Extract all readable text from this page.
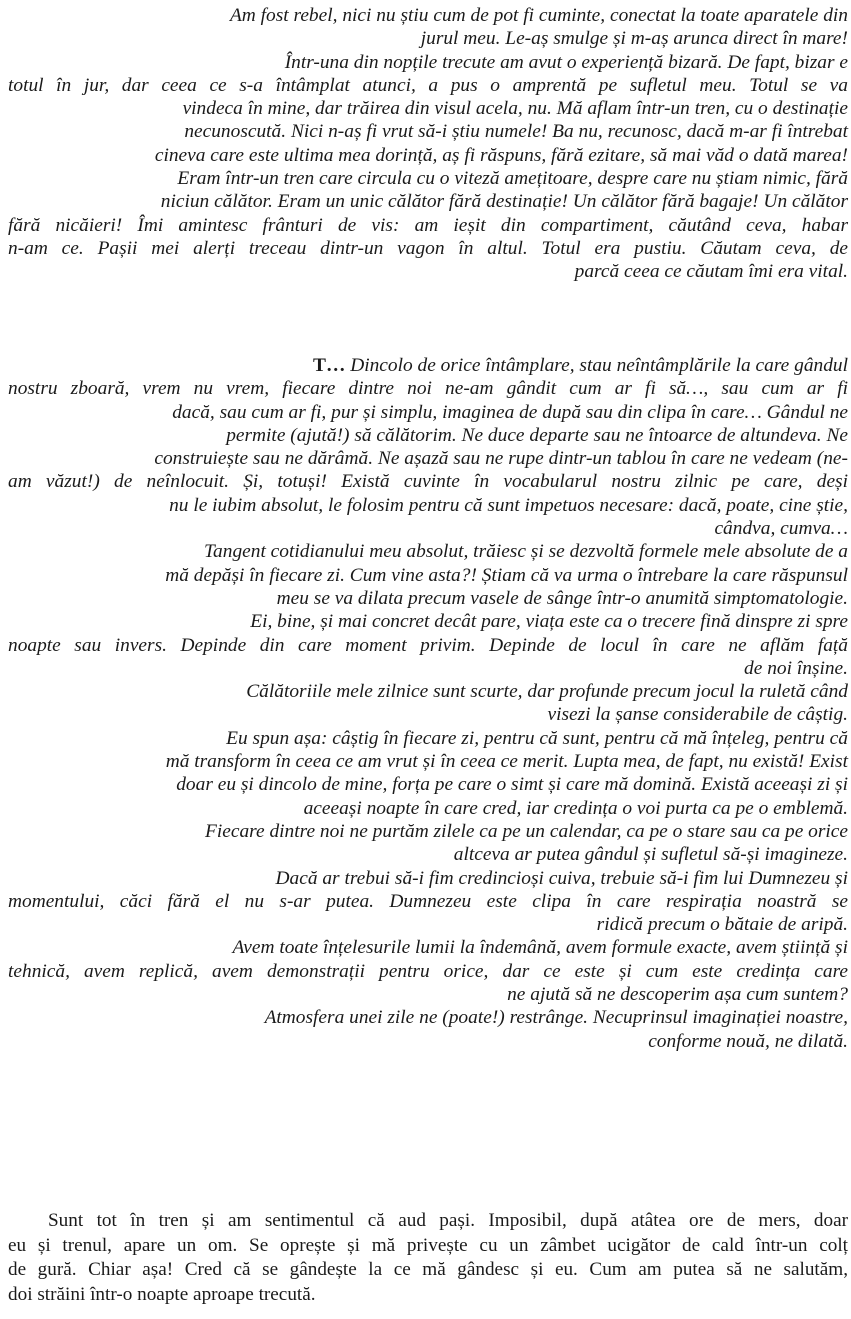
Am fost rebel, nici nu știu cum de pot fi cuminte, conectat la toate aparatele din
jurul meu. Le-aș smulge și m-aș arunca direct în mare!
Într-una din nopțile trecute am avut o experiență bizară. De fapt, bizar e
totul în jur, dar ceea ce s-a întâmplat atunci, a pus o amprentă pe sufletul meu. Totul se va
vindeca în mine, dar trăirea din visul acela, nu. Mă aflam într-un tren, cu o destinație
necunoscută. Nici n-aș fi vrut să-i știu numele! Ba nu, recunosc, dacă m-ar fi întrebat
cineva care este ultima mea dorință, aș fi răspuns, fără ezitare, să mai văd o dată marea!
Eram într-un tren care circula cu o viteză amețitoare, despre care nu știam nimic, fără
niciun călător. Eram un unic călător fără destinație! Un călător fără bagaje! Un călător
fără nicăieri! Îmi amintesc frânturi de vis: am ieșit din compartiment, căutând ceva, habar
n-am ce. Pașii mei alerți treceau dintr-un vagon în altul. Totul era pustiu. Căutam ceva, de
parcă ceea ce căutam îmi era vital.
T… Dincolo de orice întâmplare, stau neîntâmplările la care gândul
nostru zboară, vrem nu vrem, fiecare dintre noi ne-am gândit cum ar fi să…, sau cum ar fi
dacă, sau cum ar fi, pur și simplu, imaginea de după sau din clipa în care… Gândul ne
permite (ajută!) să călătorim. Ne duce departe sau ne întoarce de altundeva. Ne
construiește sau ne dărâmă. Ne așază sau ne rupe dintr-un tablou în care ne vedeam (ne-
am văzut!) de neînlocuit. Și, totuși! Există cuvinte în vocabularul nostru zilnic pe care, deși
nu le iubim absolut, le folosim pentru că sunt impetuos necesare: dacă, poate, cine știe,
cândva, cumva…
Tangent cotidianului meu absolut, trăiesc și se dezvoltă formele mele absolute de a
mă depăși în fiecare zi. Cum vine asta?! Știam că va urma o întrebare la care răspunsul
meu se va dilata precum vasele de sânge într-o anumită simptomatologie.
Ei, bine, și mai concret decât pare, viața este ca o trecere fină dinspre zi spre
noapte sau invers. Depinde din care moment privim. Depinde de locul în care ne aflăm față
de noi înșine.
Călătoriile mele zilnice sunt scurte, dar profunde precum jocul la ruletă când
visezi la șanse considerabile de câștig.
Eu spun așa: câștig în fiecare zi, pentru că sunt, pentru că mă înțeleg, pentru că
mă transform în ceea ce am vrut și în ceea ce merit. Lupta mea, de fapt, nu există! Exist
doar eu și dincolo de mine, forța pe care o simt și care mă domină. Există aceeași zi și
aceeași noapte în care cred, iar credința o voi purta ca pe o emblemă.
Fiecare dintre noi ne purtăm zilele ca pe un calendar, ca pe o stare sau ca pe orice
altceva ar putea gândul și sufletul să-și imagineze.
Dacă ar trebui să-i fim credincioși cuiva, trebuie să-i fim lui Dumnezeu și
momentului, căci fără el nu s-ar putea. Dumnezeu este clipa în care respirația noastră se
ridică precum o bătaie de aripă.
Avem toate înțelesurile lumii la îndemână, avem formule exacte, avem știință și
tehnică, avem replică, avem demonstrații pentru orice, dar ce este și cum este credința care
ne ajută să ne descoperim așa cum suntem?
Atmosfera unei zile ne (poate!) restrânge. Necuprinsul imaginației noastre,
conforme nouă, ne dilată.
Sunt tot în tren și am sentimentul că aud pași. Imposibil, după atâtea ore de mers, doar
eu și trenul, apare un om. Se oprește și mă privește cu un zâmbet ucigător de cald într-un colț
de gură. Chiar așa! Cred că se gândește la ce mă gândesc și eu. Cum am putea să ne salutăm,
doi străini într-o noapte aproape trecută.
